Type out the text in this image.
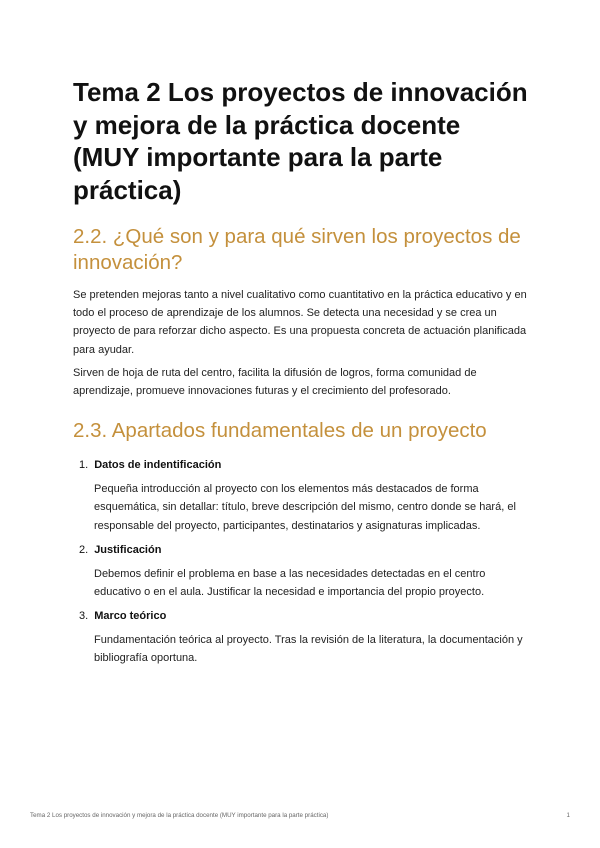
Tema 2 Los proyectos de innovación y mejora de la práctica docente (MUY importante para la parte práctica)
2.2. ¿Qué son y para qué sirven los proyectos de innovación?

Se pretenden mejoras tanto a nivel cualitativo como cuantitativo en la práctica educativo y en todo el proceso de aprendizaje de los alumnos. Se detecta una necesidad y se crea un proyecto de para reforzar dicho aspecto. Es una propuesta concreta de actuación planificada para ayudar.

Sirven de hoja de ruta del centro, facilita la difusión de logros, forma comunidad de aprendizaje, promueve innovaciones futuras y el crecimiento del profesorado.

2.3. Apartados fundamentales de un proyecto
1. Datos de indentificación

Pequeña introducción al proyecto con los elementos más destacados de forma esquemática, sin detallar: título, breve descripción del mismo, centro donde se hará, el responsable del proyecto, participantes, destinatarios y asignaturas implicadas.

2. Justificación

Debemos definir el problema en base a las necesidades detectadas en el centro educativo o en el aula. Justificar la necesidad e importancia del propio proyecto.

3. Marco teórico

Fundamentación teórica al proyecto. Tras la revisión de la literatura, la documentación y bibliografía oportuna.

Tema 2 Los proyectos de innovación y mejora de la práctica docente (MUY importante para la parte práctica)	1
